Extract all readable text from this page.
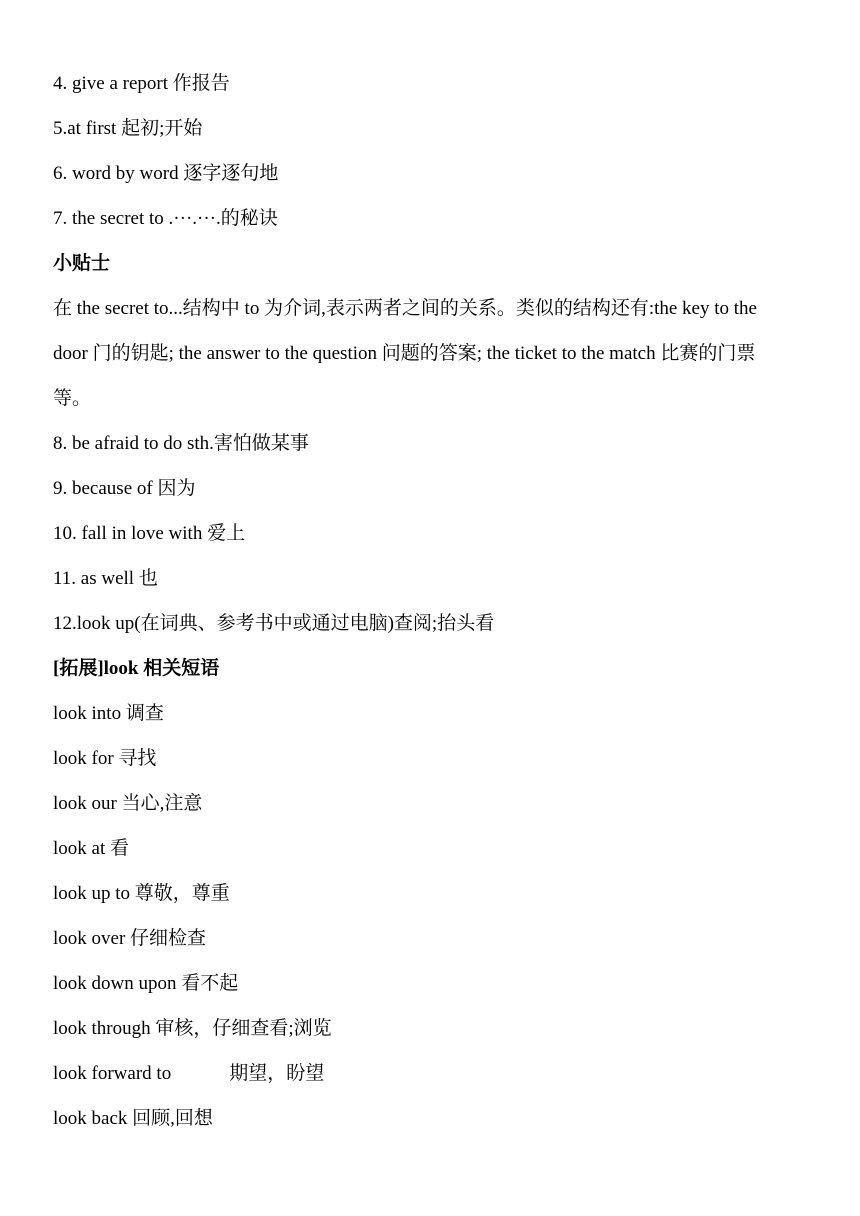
4. give a report 作报告
5.at first 起初;开始
6. word by word 逐字逐句地
7. the secret to .···.···.的秘诀
小贴士
在 the secret to...结构中 to 为介词,表示两者之间的关系。类似的结构还有:the key to the
door 门的钥匙; the answer to the question 问题的答案; the ticket to the match 比赛的门票
等。
8. be afraid to do sth.害怕做某事
9. because of 因为
10. fall in love with 爱上
11. as well 也
12.look up(在词典、参考书中或通过电脑)查阅;抬头看
[拓展]look 相关短语
look into 调查
look for 寻找
look our 当心,注意
look at 看
look up to 尊敬，尊重
look over 仔细检查
look down upon 看不起
look through 审核，仔细查看;浏览
look forward to	期望，盼望
look back 回顾,回想
